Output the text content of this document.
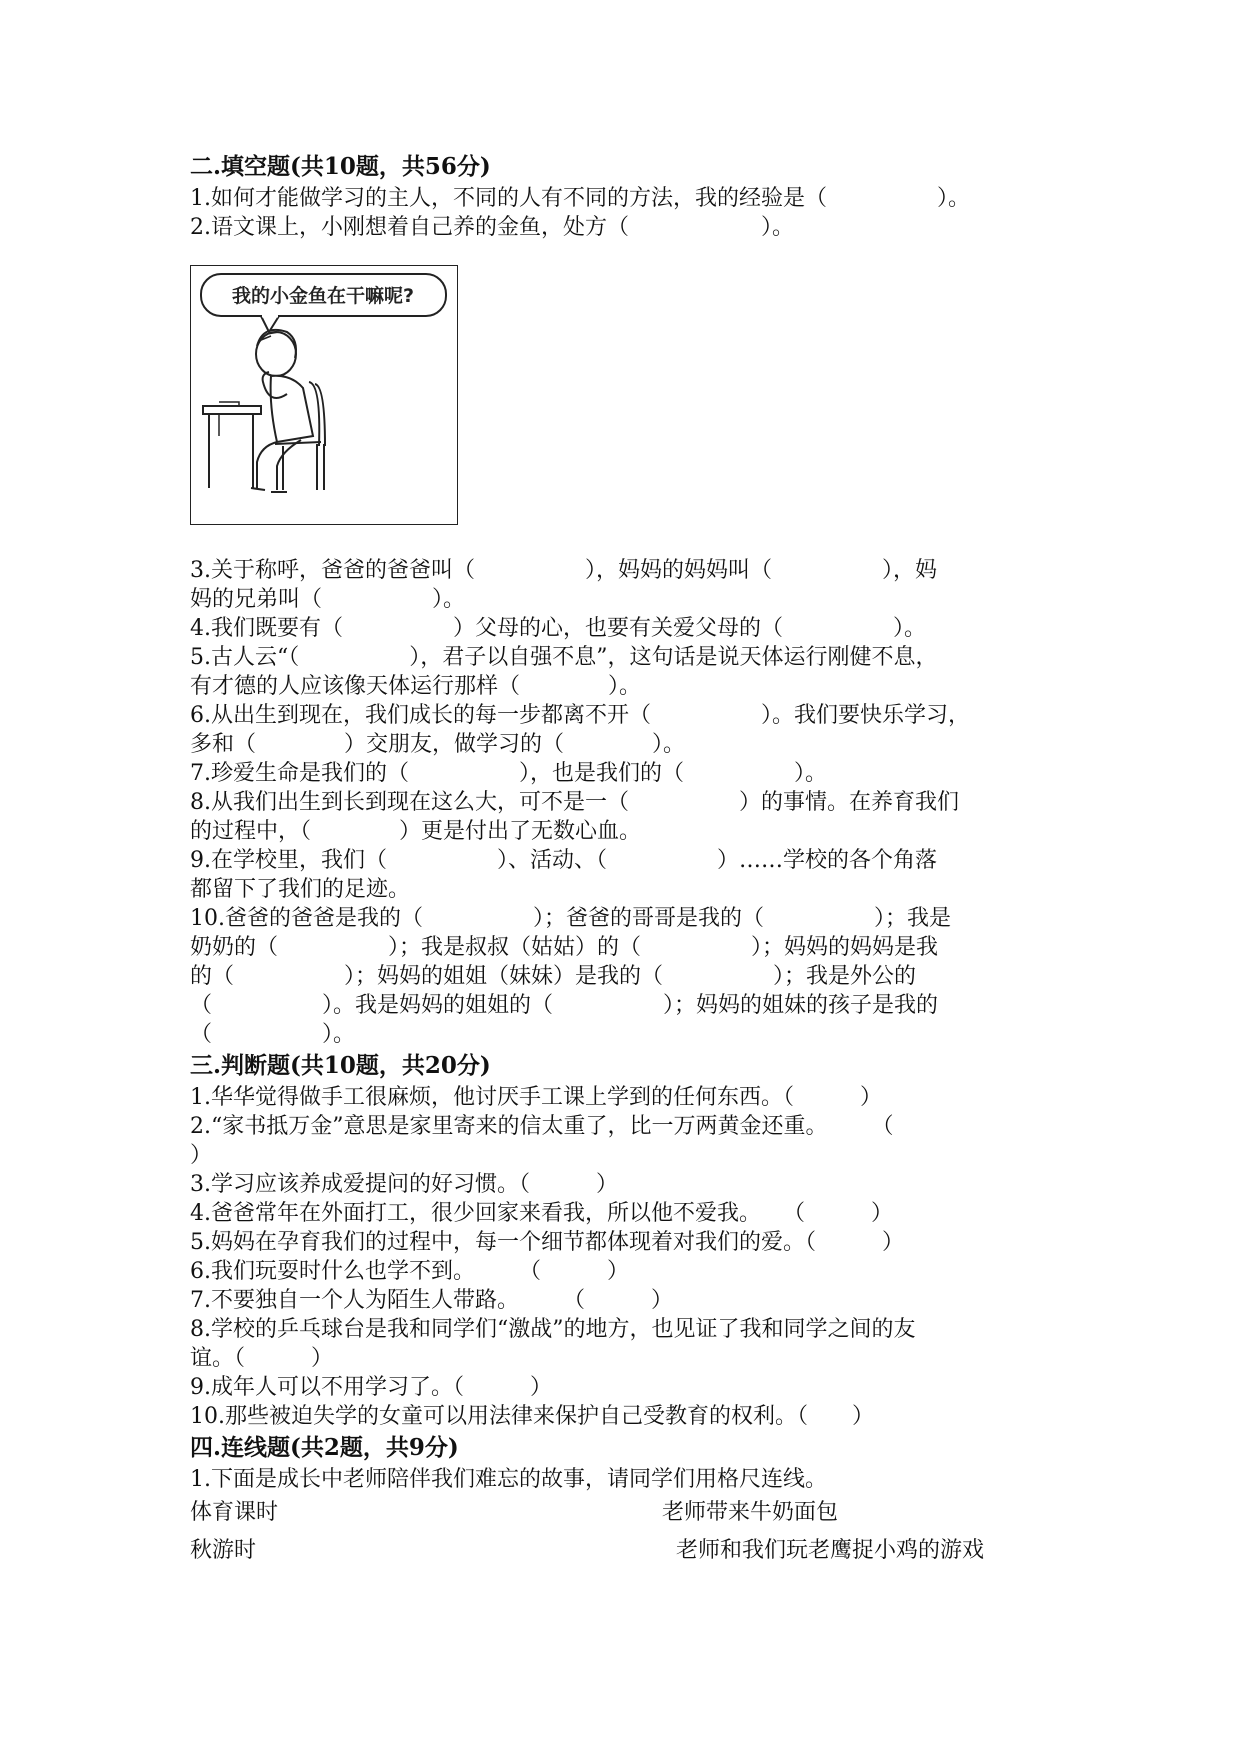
二.填空题(共10题，共56分)
1.如何才能做学习的主人，不同的人有不同的方法，我的经验是（　　　　　）。
2.语文课上，小刚想着自己养的金鱼，处方（　　　　　　）。
我的小金鱼在干嘛呢?
3.关于称呼，爸爸的爸爸叫（　　　　　），妈妈的妈妈叫（　　　　　），妈
妈的兄弟叫（　　　　　）。
4.我们既要有（　　　　　）父母的心，也要有关爱父母的（　　　　　）。
5.古人云“（　　　　　），君子以自强不息”，这句话是说天体运行刚健不息，
有才德的人应该像天体运行那样（　　　　）。
6.从出生到现在，我们成长的每一步都离不开（　　　　　）。我们要快乐学习，
多和（　　　　）交朋友，做学习的（　　　　）。
7.珍爱生命是我们的（　　　　　），也是我们的（　　　　　）。
8.从我们出生到长到现在这么大，可不是一（　　　　　）的事情。在养育我们
的过程中，（　　　　）更是付出了无数心血。
9.在学校里，我们（　　　　　）、活动、（　　　　　）……学校的各个角落
都留下了我们的足迹。
10.爸爸的爸爸是我的（　　　　　）；爸爸的哥哥是我的（　　　　　）；我是
奶奶的（　　　　　）；我是叔叔（姑姑）的（　　　　　）；妈妈的妈妈是我
的（　　　　　）；妈妈的姐姐（妹妹）是我的（　　　　　）；我是外公的
（　　　　　）。我是妈妈的姐姐的（　　　　　）；妈妈的姐妹的孩子是我的
（　　　　　）。
三.判断题(共10题，共20分)
1.华华觉得做手工很麻烦，他讨厌手工课上学到的任何东西。（　　　）
2.“家书抵万金”意思是家里寄来的信太重了，比一万两黄金还重。　　　（
）
3.学习应该养成爱提问的好习惯。（　　　）
4.爸爸常年在外面打工，很少回家来看我，所以他不爱我。　　（　　　）
5.妈妈在孕育我们的过程中，每一个细节都体现着对我们的爱。（　　　）
6.我们玩耍时什么也学不到。　　　（　　　）
7.不要独自一个人为陌生人带路。　　　（　　　）
8.学校的乒乓球台是我和同学们“激战”的地方，也见证了我和同学之间的友
谊。（　　　）
9.成年人可以不用学习了。（　　　）
10.那些被迫失学的女童可以用法律来保护自己受教育的权利。（　　）
四.连线题(共2题，共9分)
1.下面是成长中老师陪伴我们难忘的故事，请同学们用格尺连线。
体育课时	老师带来牛奶面包
秋游时	老师和我们玩老鹰捉小鸡的游戏
